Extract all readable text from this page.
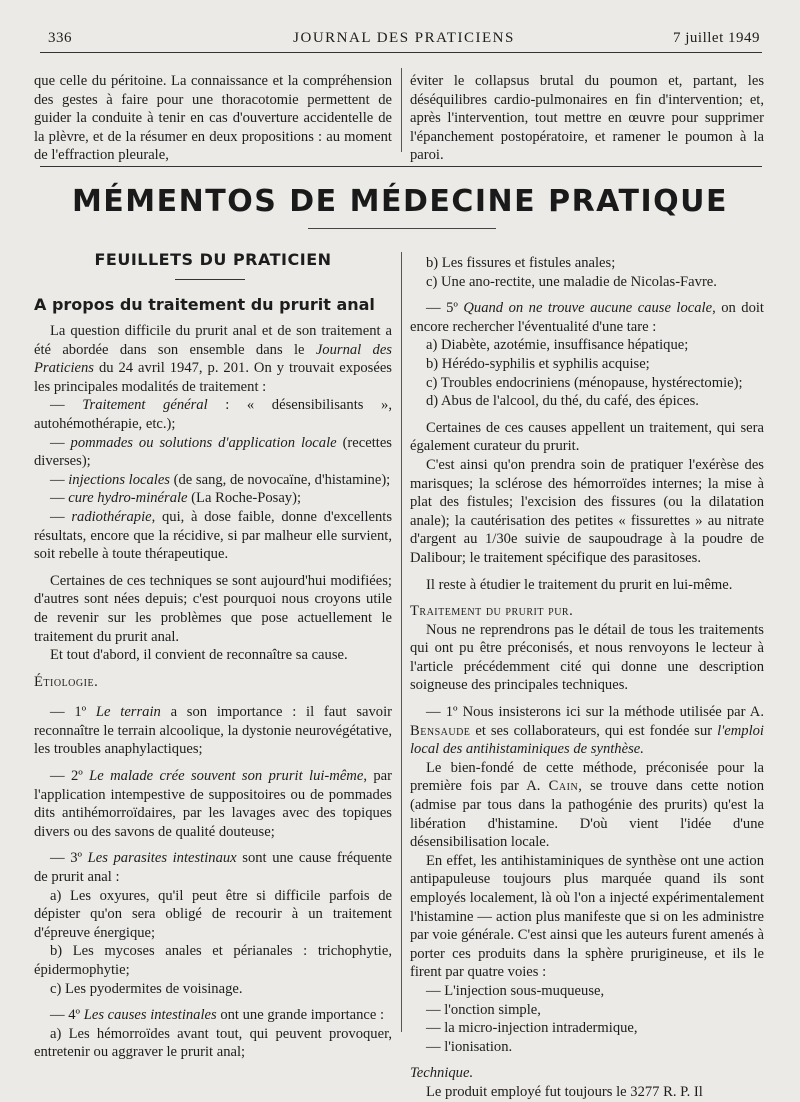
336	JOURNAL DES PRATICIENS	7 juillet 1949

que celle du péritoine. La connaissance et la compréhension des gestes à faire pour une thoracotomie permettent de guider la conduite à tenir en cas d'ouverture accidentelle de la plèvre, et de la résumer en deux propositions : au moment de l'effraction pleurale,

éviter le collapsus brutal du poumon et, partant, les déséquilibres cardio-pulmonaires en fin d'intervention; et, après l'intervention, tout mettre en œuvre pour supprimer l'épanchement postopératoire, et ramener le poumon à la paroi.

MÉMENTOS DE MÉDECINE PRATIQUE
FEUILLETS DU PRATICIEN
A propos du traitement du prurit anal

La question difficile du prurit anal et de son traitement a été abordée dans son ensemble dans le Journal des Praticiens du 24 avril 1947, p. 201. On y trouvait exposées les principales modalités de traitement :

— Traitement général : « désensibilisants », autohémothérapie, etc.);

— pommades ou solutions d'application locale (recettes diverses);

— injections locales (de sang, de novocaïne, d'histamine);

— cure hydro-minérale (La Roche-Posay);

— radiothérapie, qui, à dose faible, donne d'excellents résultats, encore que la récidive, si par malheur elle survient, soit rebelle à toute thérapeutique.

Certaines de ces techniques se sont aujourd'hui modifiées; d'autres sont nées depuis; c'est pourquoi nous croyons utile de revenir sur les problèmes que pose actuellement le traitement du prurit anal.

Et tout d'abord, il convient de reconnaître sa cause.

Étiologie.

— 1º Le terrain a son importance : il faut savoir reconnaître le terrain alcoolique, la dystonie neurovégétative, les troubles anaphylactiques;

— 2º Le malade crée souvent son prurit lui-même, par l'application intempestive de suppositoires ou de pommades dits antihémorroïdaires, par les lavages avec des topiques divers ou des savons de qualité douteuse;

— 3º Les parasites intestinaux sont une cause fréquente de prurit anal :

a) Les oxyures, qu'il peut être si difficile parfois de dépister qu'on sera obligé de recourir à un traitement d'épreuve énergique;

b) Les mycoses anales et périanales : trichophytie, épidermophytie;

c) Les pyodermites de voisinage.

— 4º Les causes intestinales ont une grande importance :

a) Les hémorroïdes avant tout, qui peuvent provoquer, entretenir ou aggraver le prurit anal;

b) Les fissures et fistules anales;

c) Une ano-rectite, une maladie de Nicolas-Favre.

— 5º Quand on ne trouve aucune cause locale, on doit encore rechercher l'éventualité d'une tare :

a) Diabète, azotémie, insuffisance hépatique;

b) Hérédo-syphilis et syphilis acquise;

c) Troubles endocriniens (ménopause, hystérectomie);

d) Abus de l'alcool, du thé, du café, des épices.

Certaines de ces causes appellent un traitement, qui sera également curateur du prurit.

C'est ainsi qu'on prendra soin de pratiquer l'exérèse des marisques; la sclérose des hémorroïdes internes; la mise à plat des fistules; l'excision des fissures (ou la dilatation anale); la cautérisation des petites « fissurettes » au nitrate d'argent au 1/30e suivie de saupoudrage à la poudre de Dalibour; le traitement spécifique des parasitoses.

Il reste à étudier le traitement du prurit en lui-même.

Traitement du prurit pur.

Nous ne reprendrons pas le détail de tous les traitements qui ont pu être préconisés, et nous renvoyons le lecteur à l'article précédemment cité qui donne une description soigneuse des principales techniques.

— 1º Nous insisterons ici sur la méthode utilisée par A. Bensaude et ses collaborateurs, qui est fondée sur l'emploi local des antihistaminiques de synthèse.

Le bien-fondé de cette méthode, préconisée pour la première fois par A. Cain, se trouve dans cette notion (admise par tous dans la pathogénie des prurits) qu'est la libération d'histamine. D'où vient l'idée d'une désensibilisation locale.

En effet, les antihistaminiques de synthèse ont une action antipapuleuse toujours plus marquée quand ils sont employés localement, là où l'on a injecté expérimentalement l'histamine — action plus manifeste que si on les administre par voie générale. C'est ainsi que les auteurs furent amenés à porter ces produits dans la sphère prurigineuse, et ils le firent par quatre voies :

— L'injection sous-muqueuse,

— l'onction simple,

— la micro-injection intradermique,

— l'ionisation.

Technique.

Le produit employé fut toujours le 3277 R. P. Il
